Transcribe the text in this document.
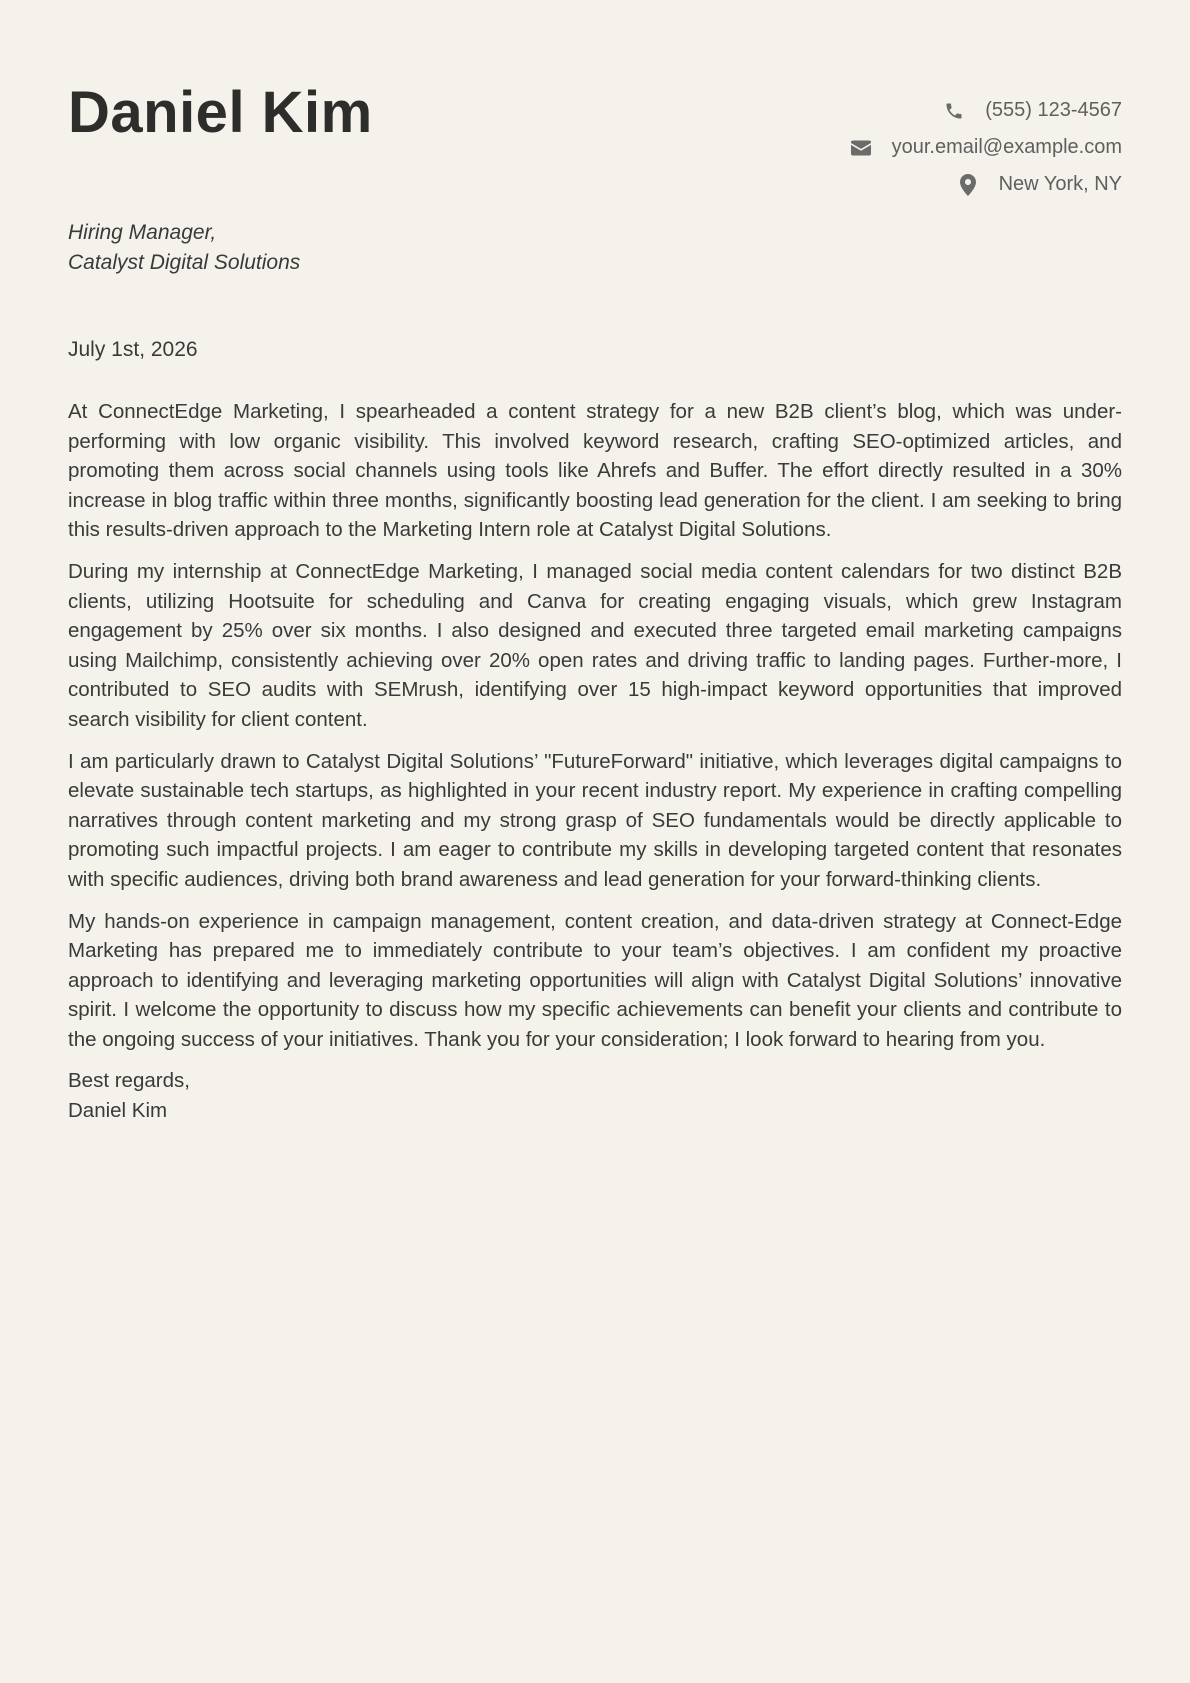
Daniel Kim	(555) 123-4567
your.email@example.com
New York, NY
Hiring Manager,
Catalyst Digital Solutions
July 1st, 2026

At ConnectEdge Marketing, I spearheaded a content strategy for a new B2B client’s blog, which was under-performing with low organic visibility. This involved keyword research, crafting SEO-optimized articles, and promoting them across social channels using tools like Ahrefs and Buffer. The effort directly resulted in a 30% increase in blog traffic within three months, significantly boosting lead generation for the client. I am seeking to bring this results-driven approach to the Marketing Intern role at Catalyst Digital Solutions.

During my internship at ConnectEdge Marketing, I managed social media content calendars for two distinct B2B clients, utilizing Hootsuite for scheduling and Canva for creating engaging visuals, which grew Instagram engagement by 25% over six months. I also designed and executed three targeted email marketing campaigns using Mailchimp, consistently achieving over 20% open rates and driving traffic to landing pages. Further-more, I contributed to SEO audits with SEMrush, identifying over 15 high-impact keyword opportunities that improved search visibility for client content.

I am particularly drawn to Catalyst Digital Solutions’ "FutureForward" initiative, which leverages digital campaigns to elevate sustainable tech startups, as highlighted in your recent industry report. My experience in crafting compelling narratives through content marketing and my strong grasp of SEO fundamentals would be directly applicable to promoting such impactful projects. I am eager to contribute my skills in developing targeted content that resonates with specific audiences, driving both brand awareness and lead generation for your forward-thinking clients.

My hands-on experience in campaign management, content creation, and data-driven strategy at Connect-Edge Marketing has prepared me to immediately contribute to your team’s objectives. I am confident my proactive approach to identifying and leveraging marketing opportunities will align with Catalyst Digital Solutions’ innovative spirit. I welcome the opportunity to discuss how my specific achievements can benefit your clients and contribute to the ongoing success of your initiatives. Thank you for your consideration; I look forward to hearing from you.

Best regards,
Daniel Kim
